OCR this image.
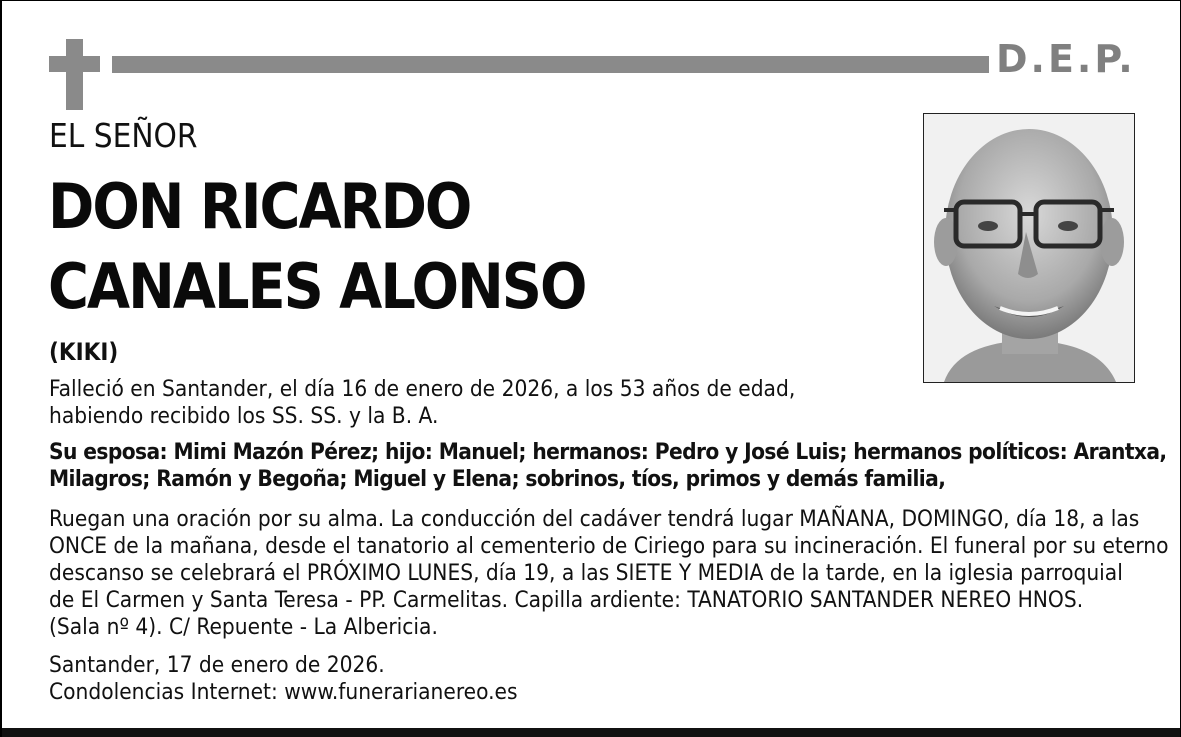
D.E.P.
EL SEÑOR
DON RICARDO
CANALES ALONSO
(KIKI)
Falleció en Santander, el día 16 de enero de 2026, a los 53 años de edad,
habiendo recibido los SS. SS. y la B. A.
Su esposa: Mimi Mazón Pérez; hijo: Manuel; hermanos: Pedro y José Luis; hermanos políticos: Arantxa,
Milagros; Ramón y Begoña; Miguel y Elena; sobrinos, tíos, primos y demás familia,
Ruegan una oración por su alma. La conducción del cadáver tendrá lugar MAÑANA, DOMINGO, día 18, a las
ONCE de la mañana, desde el tanatorio al cementerio de Ciriego para su incineración. El funeral por su eterno
descanso se celebrará el PRÓXIMO LUNES, día 19, a las SIETE Y MEDIA de la tarde, en la iglesia parroquial
de El Carmen y Santa Teresa - PP. Carmelitas. Capilla ardiente: TANATORIO SANTANDER NEREO HNOS.
(Sala nº 4). C/ Repuente - La Albericia.
Santander, 17 de enero de 2026.
Condolencias Internet: www.funerarianereo.es
